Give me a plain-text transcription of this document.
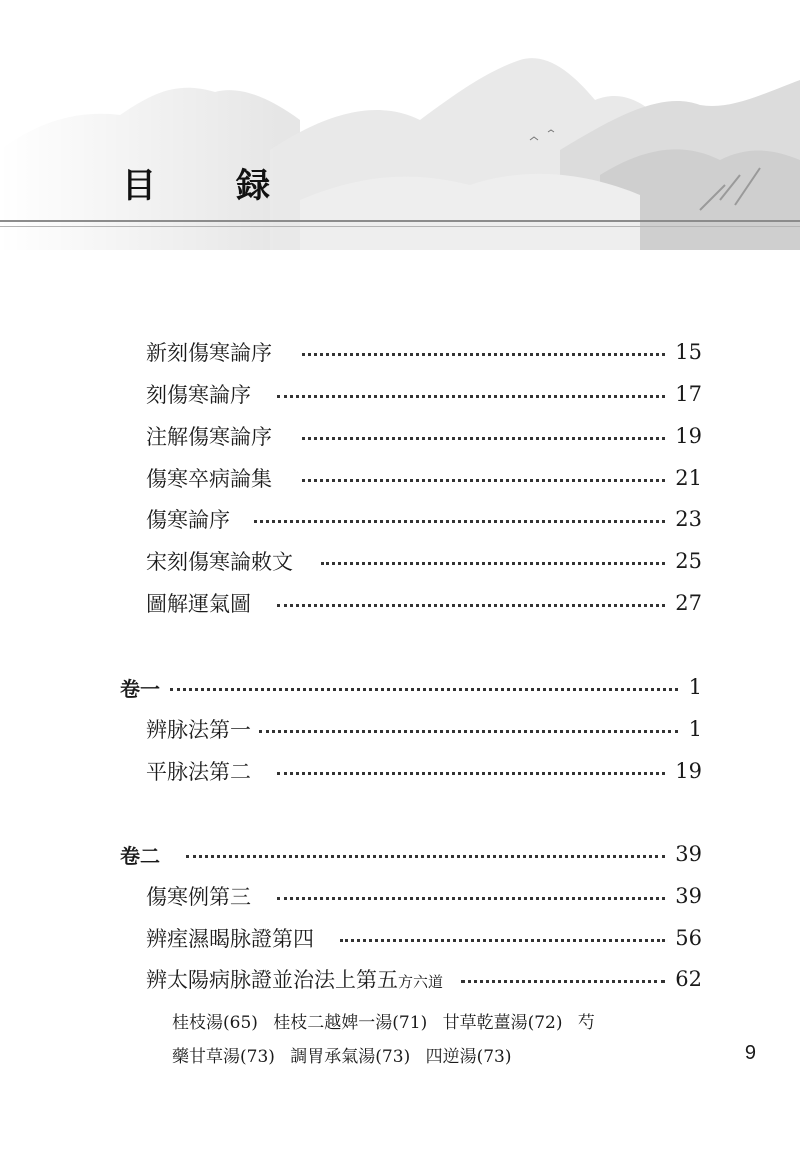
目 録
新刻傷寒論序	15
刻傷寒論序	17
注解傷寒論序	19
傷寒卒病論集	21
傷寒論序	23
宋刻傷寒論敕文	25
圖解運氣圖	27
卷一	1
辨脉法第一	1
平脉法第二	19
卷二	39
傷寒例第三	39
辨痓濕暍脉證第四	56
辨太陽病脉證並治法上第五方六道	62
桂枝湯(65) 桂枝二越婢一湯(71) 甘草乾薑湯(72) 芍
藥甘草湯(73) 調胃承氣湯(73) 四逆湯(73)	9
